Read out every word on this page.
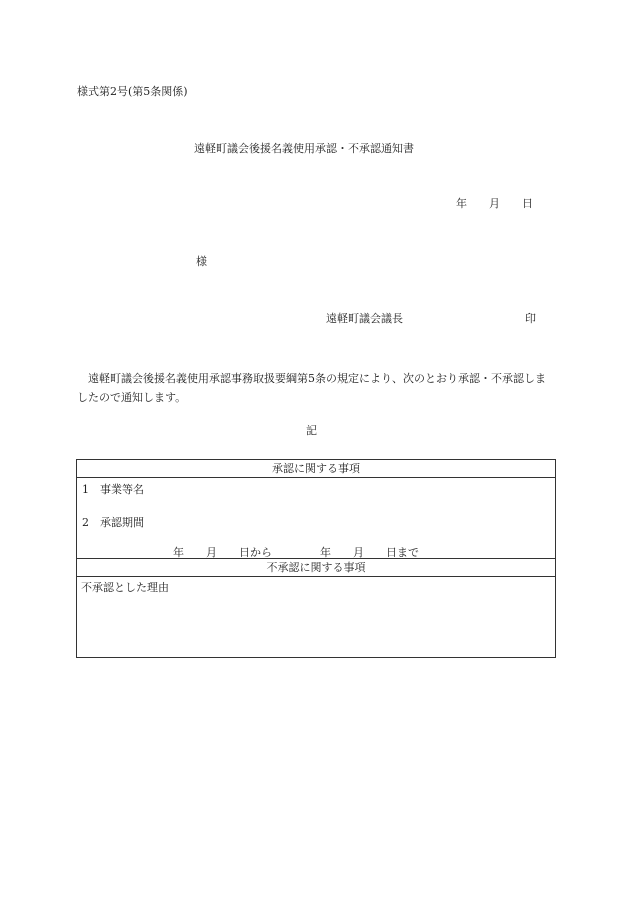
様式第2号(第5条関係)
遠軽町議会後援名義使用承認・不承認通知書
年 月 日
様
遠軽町議会議長	印
遠軽町議会後援名義使用承認事務取扱要綱第5条の規定により、次のとおり承認・不承認しましたので通知します。
記
承認に関する事項

1　事業等名
2　承認期間
年 月 日から	年 月 日まで

不承認に関する事項

不承認とした理由
